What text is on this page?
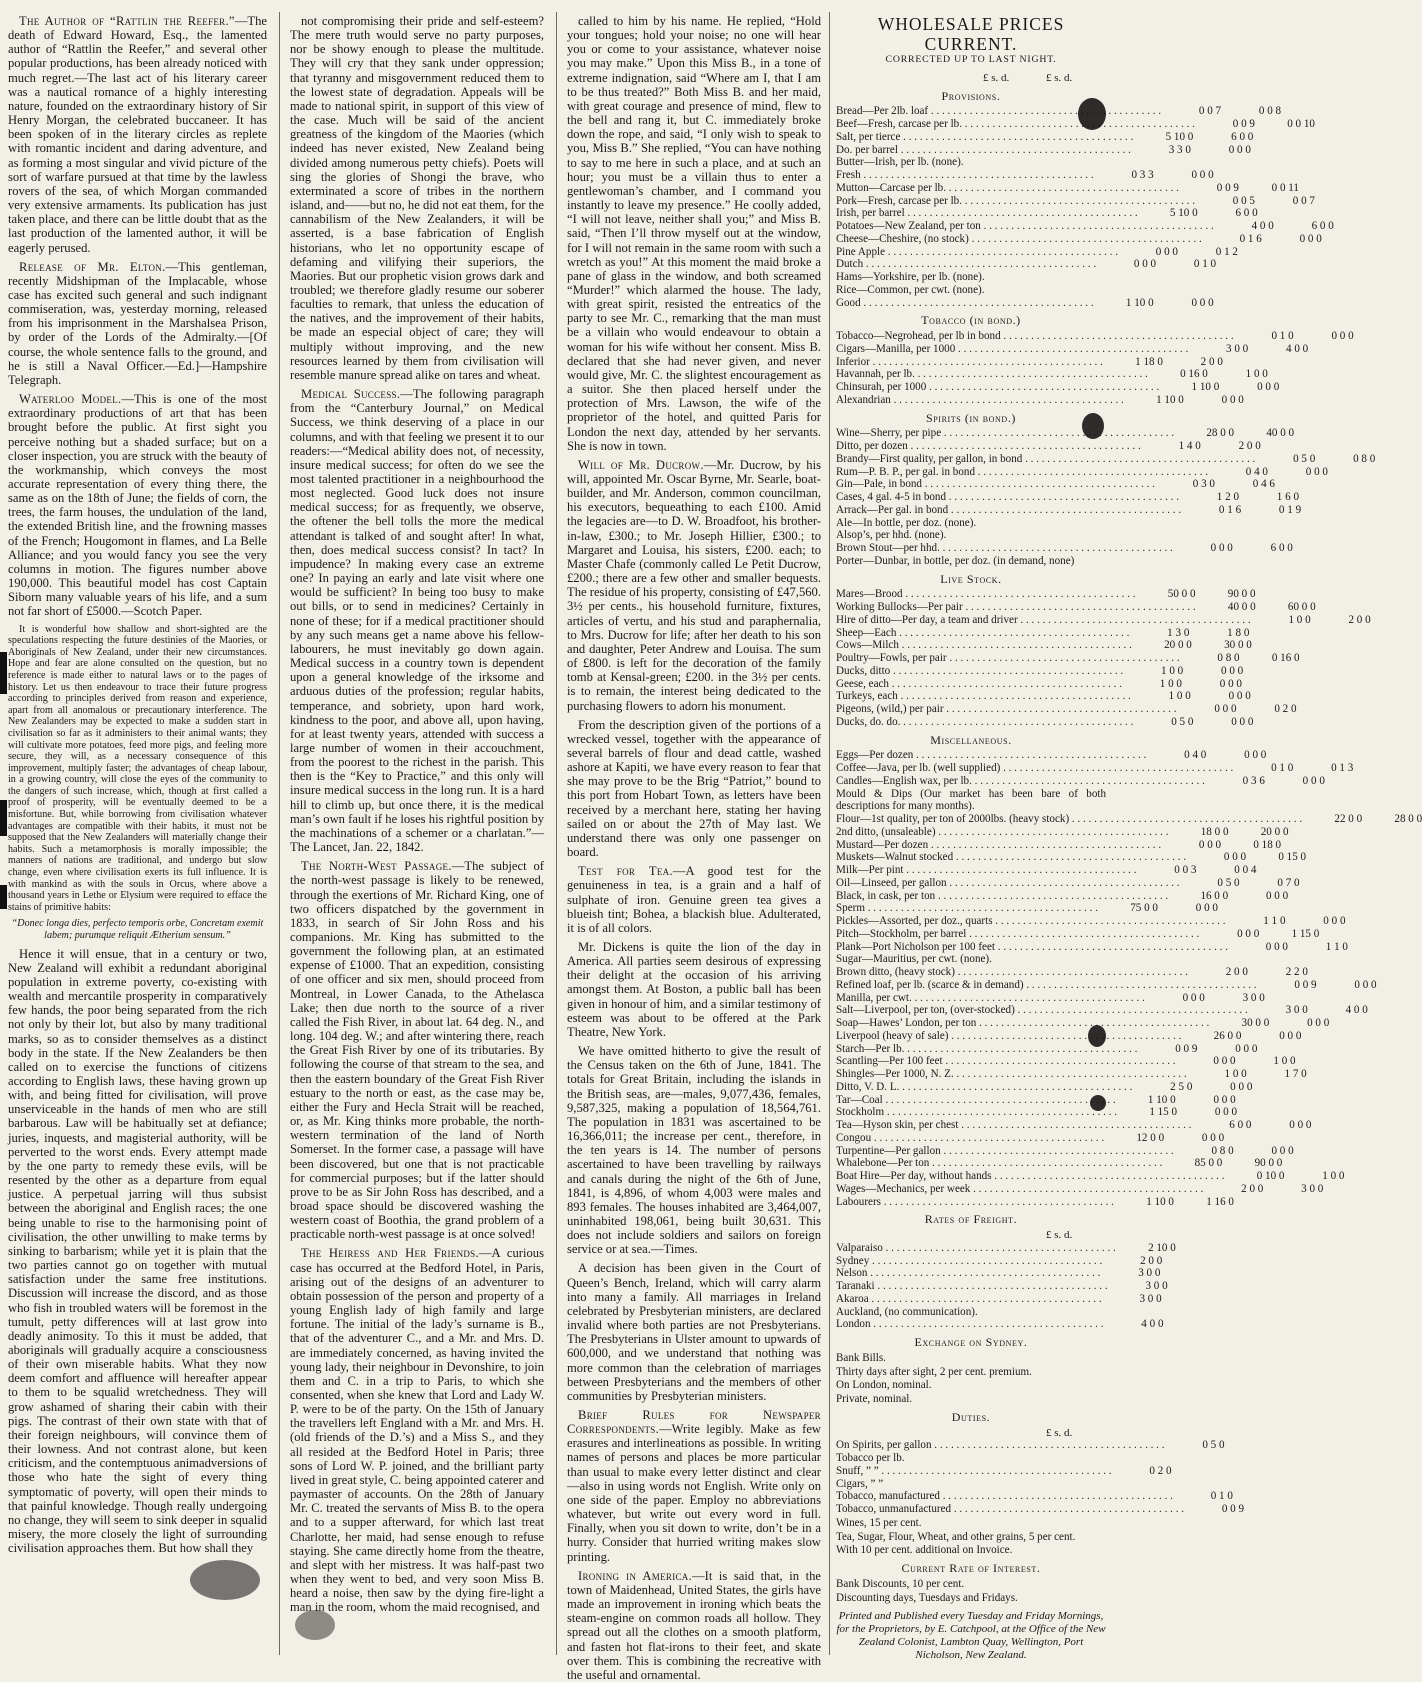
The Author of “Rattlin the Reefer.”—The death of Edward Howard, Esq., the lamented author of “Rattlin the Reefer,” and several other popular productions, has been already noticed with much regret.—The last act of his literary career was a nautical romance of a highly interesting nature, founded on the extraordinary history of Sir Henry Morgan, the celebrated buccaneer. It has been spoken of in the literary circles as replete with romantic incident and daring adventure, and as forming a most singular and vivid picture of the sort of warfare pursued at that time by the lawless rovers of the sea, of which Morgan commanded very extensive armaments. Its publication has just taken place, and there can be little doubt that as the last production of the lamented author, it will be eagerly perused.

Release of Mr. Elton.—This gentleman, recently Midshipman of the Implacable, whose case has excited such general and such indignant commiseration, was, yesterday morning, released from his imprisonment in the Marshalsea Prison, by order of the Lords of the Admiralty.—[Of course, the whole sentence falls to the ground, and he is still a Naval Officer.—Ed.]—Hampshire Telegraph.

Waterloo Model.—This is one of the most extraordinary productions of art that has been brought before the public. At first sight you perceive nothing but a shaded surface; but on a closer inspection, you are struck with the beauty of the workmanship, which conveys the most accurate representation of every thing there, the same as on the 18th of June; the fields of corn, the trees, the farm houses, the undulation of the land, the extended British line, and the frowning masses of the French; Hougomont in flames, and La Belle Alliance; and you would fancy you see the very columns in motion. The figures number above 190,000. This beautiful model has cost Captain Siborn many valuable years of his life, and a sum not far short of £5000.—Scotch Paper.

It is wonderful how shallow and short-sighted are the speculations respecting the future destinies of the Maories, or Aboriginals of New Zealand, under their new circumstances. Hope and fear are alone consulted on the question, but no reference is made either to natural laws or to the pages of history. Let us then endeavour to trace their future progress according to principles derived from reason and experience, apart from all anomalous or precautionary interference. The New Zealanders may be expected to make a sudden start in civilisation so far as it administers to their animal wants; they will cultivate more potatoes, feed more pigs, and feeling more secure, they will, as a necessary consequence of this improvement, multiply faster; the advantages of cheap labour, in a growing country, will close the eyes of the community to the dangers of such increase, which, though at first called a proof of prosperity, will be eventually deemed to be a misfortune. But, while borrowing from civilisation whatever advantages are compatible with their habits, it must not be supposed that the New Zealanders will materially change their habits. Such a metamorphosis is morally impossible; the manners of nations are traditional, and undergo but slow change, even where civilisation exerts its full influence. It is with mankind as with the souls in Orcus, where above a thousand years in Lethe or Elysium were required to efface the stains of primitive habits:

“Donec longa dies, perfecto temporis orbe, Concretam exemit labem; purumque reliquit Ætherium sensum.”

Hence it will ensue, that in a century or two, New Zealand will exhibit a redundant aboriginal population in extreme poverty, co-existing with wealth and mercantile prosperity in comparatively few hands, the poor being separated from the rich not only by their lot, but also by many traditional marks, so as to consider themselves as a distinct body in the state. If the New Zealanders be then called on to exercise the functions of citizens according to English laws, these having grown up with, and being fitted for civilisation, will prove unserviceable in the hands of men who are still barbarous. Law will be habitually set at defiance; juries, inquests, and magisterial authority, will be perverted to the worst ends. Every attempt made by the one party to remedy these evils, will be resented by the other as a departure from equal justice. A perpetual jarring will thus subsist between the aboriginal and English races; the one being unable to rise to the harmonising point of civilisation, the other unwilling to make terms by sinking to barbarism; while yet it is plain that the two parties cannot go on together with mutual satisfaction under the same free institutions. Discussion will increase the discord, and as those who fish in troubled waters will be foremost in the tumult, petty differences will at last grow into deadly animosity. To this it must be added, that aboriginals will gradually acquire a consciousness of their own miserable habits. What they now deem comfort and affluence will hereafter appear to them to be squalid wretchedness. They will grow ashamed of sharing their cabin with their pigs. The contrast of their own state with that of their foreign neighbours, will convince them of their lowness. And not contrast alone, but keen criticism, and the contemptuous animadversions of those who hate the sight of every thing symptomatic of poverty, will open their minds to that painful knowledge. Though really undergoing no change, they will seem to sink deeper in squalid misery, the more closely the light of surrounding civilisation approaches them. But how shall they

not compromising their pride and self-esteem? The mere truth would serve no party purposes, nor be showy enough to please the multitude. They will cry that they sank under oppression; that tyranny and misgovernment reduced them to the lowest state of degradation. Appeals will be made to national spirit, in support of this view of the case. Much will be said of the ancient greatness of the kingdom of the Maories (which indeed has never existed, New Zealand being divided among numerous petty chiefs). Poets will sing the glories of Shongi the brave, who exterminated a score of tribes in the northern island, and——but no, he did not eat them, for the cannabilism of the New Zealanders, it will be asserted, is a base fabrication of English historians, who let no opportunity escape of defaming and vilifying their superiors, the Maories. But our prophetic vision grows dark and troubled; we therefore gladly resume our soberer faculties to remark, that unless the education of the natives, and the improvement of their habits, be made an especial object of care; they will multiply without improving, and the new resources learned by them from civilisation will resemble manure spread alike on tares and wheat.

Medical Success.—The following paragraph from the “Canterbury Journal,” on Medical Success, we think deserving of a place in our columns, and with that feeling we present it to our readers:—“Medical ability does not, of necessity, insure medical success; for often do we see the most talented practitioner in a neighbourhood the most neglected. Good luck does not insure medical success; for as frequently, we observe, the oftener the bell tolls the more the medical attendant is talked of and sought after! In what, then, does medical success consist? In tact? In impudence? In making every case an extreme one? In paying an early and late visit where one would be sufficient? In being too busy to make out bills, or to send in medicines? Certainly in none of these; for if a medical practitioner should by any such means get a name above his fellow-labourers, he must inevitably go down again. Medical success in a country town is dependent upon a general knowledge of the irksome and arduous duties of the profession; regular habits, temperance, and sobriety, upon hard work, kindness to the poor, and above all, upon having, for at least twenty years, attended with success a large number of women in their accouchment, from the poorest to the richest in the parish. This then is the “Key to Practice,” and this only will insure medical success in the long run. It is a hard hill to climb up, but once there, it is the medical man’s own fault if he loses his rightful position by the machinations of a schemer or a charlatan.”—The Lancet, Jan. 22, 1842.

The North-West Passage.—The subject of the north-west passage is likely to be renewed, through the exertions of Mr. Richard King, one of two officers dispatched by the government in 1833, in search of Sir John Ross and his companions. Mr. King has submitted to the government the following plan, at an estimated expense of £1000. That an expedition, consisting of one officer and six men, should proceed from Montreal, in Lower Canada, to the Athelasca Lake; then due north to the source of a river called the Fish River, in about lat. 64 deg. N., and long. 104 deg. W.; and after wintering there, reach the Great Fish River by one of its tributaries. By following the course of that stream to the sea, and then the eastern boundary of the Great Fish River estuary to the north or east, as the case may be, either the Fury and Hecla Strait will be reached, or, as Mr. King thinks more probable, the north-western termination of the land of North Somerset. In the former case, a passage will have been discovered, but one that is not practicable for commercial purposes; but if the latter should prove to be as Sir John Ross has described, and a broad space should be discovered washing the western coast of Boothia, the grand problem of a practicable north-west passage is at once solved!

The Heiress and Her Friends.—A curious case has occurred at the Bedford Hotel, in Paris, arising out of the designs of an adventurer to obtain possession of the person and property of a young English lady of high family and large fortune. The initial of the lady’s surname is B., that of the adventurer C., and a Mr. and Mrs. D. are immediately concerned, as having invited the young lady, their neighbour in Devonshire, to join them and C. in a trip to Paris, to which she consented, when she knew that Lord and Lady W. P. were to be of the party. On the 15th of January the travellers left England with a Mr. and Mrs. H. (old friends of the D.’s) and a Miss S., and they all resided at the Bedford Hotel in Paris; three sons of Lord W. P. joined, and the brilliant party lived in great style, C. being appointed caterer and paymaster of accounts. On the 28th of January Mr. C. treated the servants of Miss B. to the opera and to a supper afterward, for which last treat Charlotte, her maid, had sense enough to refuse staying. She came directly home from the theatre, and slept with her mistress. It was half-past two when they went to bed, and very soon Miss B. heard a noise, then saw by the dying fire-light a man in the room, whom the maid recognised, and

called to him by his name. He replied, “Hold your tongues; hold your noise; no one will hear you or come to your assistance, whatever noise you may make.” Upon this Miss B., in a tone of extreme indignation, said “Where am I, that I am to be thus treated?” Both Miss B. and her maid, with great courage and presence of mind, flew to the bell and rang it, but C. immediately broke down the rope, and said, “I only wish to speak to you, Miss B.” She replied, “You can have nothing to say to me here in such a place, and at such an hour; you must be a villain thus to enter a gentlewoman’s chamber, and I command you instantly to leave my presence.” He coolly added, “I will not leave, neither shall you;” and Miss B. said, “Then I’ll throw myself out at the window, for I will not remain in the same room with such a wretch as you!” At this moment the maid broke a pane of glass in the window, and both screamed “Murder!” which alarmed the house. The lady, with great spirit, resisted the entreatics of the party to see Mr. C., remarking that the man must be a villain who would endeavour to obtain a woman for his wife without her consent. Miss B. declared that she had never given, and never would give, Mr. C. the slightest encouragement as a suitor. She then placed herself under the protection of Mrs. Lawson, the wife of the proprietor of the hotel, and quitted Paris for London the next day, attended by her servants. She is now in town.

Will of Mr. Ducrow.—Mr. Ducrow, by his will, appointed Mr. Oscar Byrne, Mr. Searle, boat-builder, and Mr. Anderson, common councilman, his executors, bequeathing to each £100. Amid the legacies are—to D. W. Broadfoot, his brother-in-law, £300.; to Mr. Joseph Hillier, £300.; to Margaret and Louisa, his sisters, £200. each; to Master Chafe (commonly called Le Petit Ducrow, £200.; there are a few other and smaller bequests. The residue of his property, consisting of £47,560. 3½ per cents., his household furniture, fixtures, articles of vertu, and his stud and paraphernalia, to Mrs. Ducrow for life; after her death to his son and daughter, Peter Andrew and Louisa. The sum of £800. is left for the decoration of the family tomb at Kensal-green; £200. in the 3½ per cents. is to remain, the interest being dedicated to the purchasing flowers to adorn his monument.

From the description given of the portions of a wrecked vessel, together with the appearance of several barrels of flour and dead cattle, washed ashore at Kapiti, we have every reason to fear that she may prove to be the Brig “Patriot,” bound to this port from Hobart Town, as letters have been received by a merchant here, stating her having sailed on or about the 27th of May last. We understand there was only one passenger on board.

Test for Tea.—A good test for the genuineness in tea, is a grain and a half of sulphate of iron. Genuine green tea gives a blueish tint; Bohea, a blackish blue. Adulterated, it is of all colors.

Mr. Dickens is quite the lion of the day in America. All parties seem desirous of expressing their delight at the occasion of his arriving amongst them. At Boston, a public ball has been given in honour of him, and a similar testimony of esteem was about to be offered at the Park Theatre, New York.

We have omitted hitherto to give the result of the Census taken on the 6th of June, 1841. The totals for Great Britain, including the islands in the British seas, are—males, 9,077,436, females, 9,587,325, making a population of 18,564,761. The population in 1831 was ascertained to be 16,366,011; the increase per cent., therefore, in the ten years is 14. The number of persons ascertained to have been travelling by railways and canals during the night of the 6th of June, 1841, is 4,896, of whom 4,003 were males and 893 females. The houses inhabited are 3,464,007, uninhabited 198,061, being built 30,631. This does not include soldiers and sailors on foreign service or at sea.—Times.

A decision has been given in the Court of Queen’s Bench, Ireland, which will carry alarm into many a family. All marriages in Ireland celebrated by Presbyterian ministers, are declared invalid where both parties are not Presbyterians. The Presbyterians in Ulster amount to upwards of 600,000, and we understand that nothing was more common than the celebration of marriages between Presbyterians and the members of other communities by Presbyterian ministers.

Brief Rules for Newspaper Correspondents.—Write legibly. Make as few erasures and interlineations as possible. In writing names of persons and places be more particular than usual to make every letter distinct and clear—also in using words not English. Write only on one side of the paper. Employ no abbreviations whatever, but write out every word in full. Finally, when you sit down to write, don’t be in a hurry. Consider that hurried writing makes slow printing.

Ironing in America.—It is said that, in the town of Maidenhead, United States, the girls have made an improvement in ironing which beats the steam-engine on common roads all hollow. They spread out all the clothes on a smooth platform, and fasten hot flat-irons to their feet, and skate over them. This is combining the recreative with the useful and ornamental.

WHOLESALE PRICES CURRENT.
CORRECTED UP TO LAST NIGHT.
£ s. d.	£ s. d.
Provisions.
Bread—Per 2lb. loaf . . .	0 0 7	0 0 8
Beef—Fresh, carcase per lb. . . .	0 0 9	0 0 10
Salt, per tierce . . .	5 10 0	6 0 0
Do. per barrel . . .	3 3 0	0 0 0
Butter—Irish, per lb. (none).
Fresh . . .	0 3 3	0 0 0
Mutton—Carcase per lb. . . .	0 0 9	0 0 11
Pork—Fresh, carcase per lb. . . .	0 0 5	0 0 7
Irish, per barrel . . .	5 10 0	6 0 0
Potatoes—New Zealand, per ton . . .	4 0 0	6 0 0
Cheese—Cheshire, (no stock) . . .	0 1 6	0 0 0
Pine Apple . . .	0 0 0	0 1 2
Dutch . . .	0 0 0	0 1 0
Hams—Yorkshire, per lb. (none).
Rice—Common, per cwt. (none).
Good . . .	1 10 0	0 0 0
Tobacco (in bond.)
Tobacco—Negrohead, per lb in bond . . .	0 1 0	0 0 0
Cigars—Manilla, per 1000 . . .	3 0 0	4 0 0
Inferior . . .	1 18 0	2 0 0
Havannah, per lb. . . .	0 16 0	1 0 0
Chinsurah, per 1000 . . .	1 10 0	0 0 0
Alexandrian . . .	1 10 0	0 0 0
Spirits (in bond.)
Wine—Sherry, per pipe . . .	28 0 0	40 0 0
Ditto, per dozen . . .	1 4 0	2 0 0
Brandy—First quality, per gallon, in bond . . .	0 5 0	0 8 0
Rum—P. B. P., per gal. in bond . . .	0 4 0	0 0 0
Gin—Pale, in bond . . .	0 3 0	0 4 6
Cases, 4 gal. 4-5 in bond . . .	1 2 0	1 6 0
Arrack—Per gal. in bond . . .	0 1 6	0 1 9
Ale—In bottle, per doz. (none).
Alsop’s, per hhd. (none).
Brown Stout—per hhd. . . .	0 0 0	6 0 0
Porter—Dunbar, in bottle, per doz. (in demand, none)
Live Stock.
Mares—Brood . . .	50 0 0	90 0 0
Working Bullocks—Per pair . . .	40 0 0	60 0 0
Hire of ditto—Per day, a team and driver . . .	1 0 0	2 0 0
Sheep—Each . . .	1 3 0	1 8 0
Cows—Milch . . .	20 0 0	30 0 0
Poultry—Fowls, per pair . . .	0 8 0	0 16 0
Ducks, ditto . . .	1 0 0	0 0 0
Geese, each . . .	1 0 0	0 0 0
Turkeys, each . . .	1 0 0	0 0 0
Pigeons, (wild,) per pair . . .	0 0 0	0 2 0
Ducks, do. do. . . .	0 5 0	0 0 0
Miscellaneous.
Eggs—Per dozen . . .	0 4 0	0 0 0
Coffee—Java, per lb. (well supplied) . . .	0 1 0	0 1 3
Candles—English wax, per lb. . . .	0 3 6	0 0 0
Mould & Dips (Our market has been bare of both descriptions for many months).
Flour—1st quality, per ton of 2000lbs. (heavy stock) . . .	22 0 0	28 0 0
2nd ditto, (unsaleable) . . .	18 0 0	20 0 0
Mustard—Per dozen . . .	0 0 0	0 18 0
Muskets—Walnut stocked . . .	0 0 0	0 15 0
Milk—Per pint . . .	0 0 3	0 0 4
Oil—Linseed, per gallon . . .	0 5 0	0 7 0
Black, in cask, per ton . . .	16 0 0	0 0 0
Sperm . . .	75 0 0	0 0 0
Pickles—Assorted, per doz., quarts . . .	1 1 0	0 0 0
Pitch—Stockholm, per barrel . . .	0 0 0	1 15 0
Plank—Port Nicholson per 100 feet . . .	0 0 0	1 1 0
Sugar—Mauritius, per cwt. (none).
Brown ditto, (heavy stock) . . .	2 0 0	2 2 0
Refined loaf, per lb. (scarce & in demand) . . .	0 0 9	0 0 0
Manilla, per cwt. . . .	0 0 0	3 0 0
Salt—Liverpool, per ton, (over-stocked) . . .	3 0 0	4 0 0
Soap—Hawes’ London, per ton . . .	30 0 0	0 0 0
Liverpool (heavy of sale) . . .	26 0 0	0 0 0
Starch—Per lb. . . .	0 0 9	0 0 0
Scantling—Per 100 feet . . .	0 0 0	1 0 0
Shingles—Per 1000, N. Z. . . .	1 0 0	1 7 0
Ditto, V. D. L. . . .	2 5 0	0 0 0
Tar—Coal . . .	1 10 0	0 0 0
Stockholm . . .	1 15 0	0 0 0
Tea—Hyson skin, per chest . . .	6 0 0	0 0 0
Congou . . .	12 0 0	0 0 0
Turpentine—Per gallon . . .	0 8 0	0 0 0
Whalebone—Per ton . . .	85 0 0	90 0 0
Boat Hire—Per day, without hands . . .	0 10 0	1 0 0
Wages—Mechanics, per week . . .	2 0 0	3 0 0
Labourers . . .	1 10 0	1 16 0
Rates of Freight.
£ s. d.
Valparaiso . . .	2 10 0
Sydney . . .	2 0 0
Nelson . . .	3 0 0
Taranaki . . .	3 0 0
Akaroa . . .	3 0 0
Auckland, (no communication).
London . . .	4 0 0
Exchange on Sydney.
Bank Bills.
Thirty days after sight, 2 per cent. premium.
On London, nominal.
Private, nominal.
Duties.
£ s. d.
On Spirits, per gallon . . .	0 5 0
Tobacco per lb.
Snuff, ” ” . . .	0 2 0
Cigars, ” ”
Tobacco, manufactured . . .	0 1 0
Tobacco, unmanufactured . . .	0 0 9
Wines, 15 per cent.
Tea, Sugar, Flour, Wheat, and other grains, 5 per cent.
With 10 per cent. additional on Invoice.
Current Rate of Interest.
Bank Discounts, 10 per cent.
Discounting days, Tuesdays and Fridays.
Printed and Published every Tuesday and Friday Mornings, for the Proprietors, by E. Catchpool, at the Office of the New Zealand Colonist, Lambton Quay, Wellington, Port Nicholson, New Zealand.
